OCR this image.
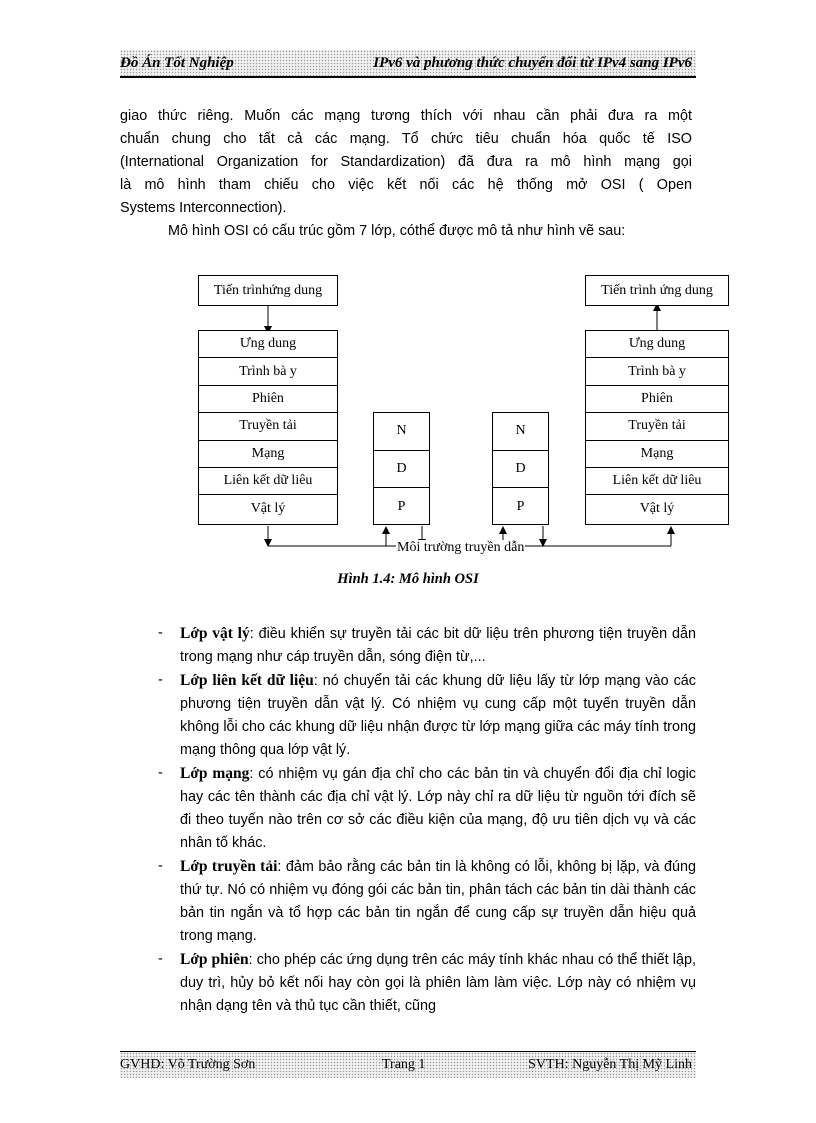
Đồ Án Tốt Nghiệp	IPv6 và phương thức chuyển đổi từ IPv4 sang IPv6
giao thức riêng. Muốn các mạng tương thích với nhau cần phải đưa ra một
chuẩn chung cho tất cả các mạng. Tổ chức tiêu chuẩn hóa quốc tế ISO
(International Organization for Standardization) đã đưa ra mô hình mạng gọi
là mô hình tham chiếu cho việc kết nối các hệ thống mở OSI ( Open
Systems Interconnection).
Mô hình OSI có cấu trúc gồm 7 lớp, cóthể được mô tả như hình vẽ sau:
Tiến trìnhứng dung	Tiến trình ứng dung
Ưng dung
Trình bà y
Phiên
Truyền tải
Mạng
Liên kết dữ liêu
Vật lý
N
D
P
N
D
P
Ưng dung
Trình bà y
Phiên
Truyền tải
Mạng
Liên kết dữ liêu
Vật lý
Môi trường truyền dẫn
Hình 1.4: Mô hình OSI
- Lớp vật lý: điều khiển sự truyền tải các bit dữ liệu trên phương tiện truyền dẫn trong mạng như cáp truyền dẫn, sóng điện từ,...
- Lớp liên kết dữ liệu: nó chuyển tải các khung dữ liệu lấy từ lớp mạng vào các phương tiện truyền dẫn vật lý. Có nhiệm vụ cung cấp một tuyến truyền dẫn không lỗi cho các khung dữ liệu nhận được từ lớp mạng giữa các máy tính trong mạng thông qua lớp vật lý.
- Lớp mạng: có nhiệm vụ gán địa chỉ cho các bản tin và chuyển đổi địa chỉ logic hay các tên thành các địa chỉ vật lý. Lớp này chỉ ra dữ liệu từ nguồn tới đích sẽ đi theo tuyến nào trên cơ sở các điều kiện của mạng, độ ưu tiên dịch vụ và các nhân tố khác.
- Lớp truyền tải: đảm bảo rằng các bản tin là không có lỗi, không bị lặp, và đúng thứ tự. Nó có nhiệm vụ đóng gói các bản tin, phân tách các bản tin dài thành các bản tin ngắn và tổ hợp các bản tin ngắn để cung cấp sự truyền dẫn hiệu quả trong mạng.
- Lớp phiên: cho phép các ứng dụng trên các máy tính khác nhau có thể thiết lập, duy trì, hủy bỏ kết nối hay còn gọi là phiên làm làm việc. Lớp này có nhiệm vụ nhận dạng tên và thủ tục cần thiết, cũng
GVHD: Võ Trường Sơn	Trang 1	SVTH: Nguyễn Thị Mỹ Linh
